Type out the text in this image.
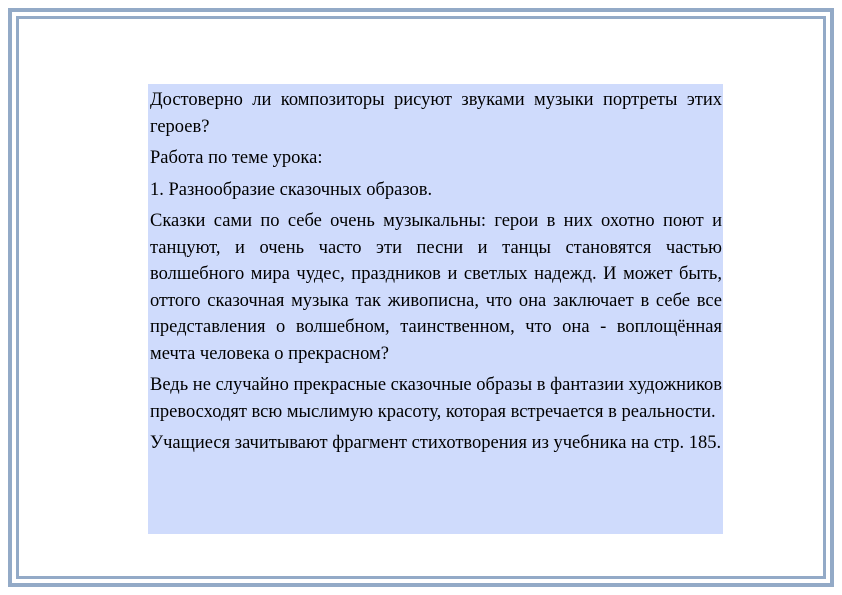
Достоверно ли композиторы рисуют звуками музыки портреты этих героев?

Работа по теме урока:

1. Разнообразие сказочных образов.

Сказки сами по себе очень музыкальны: герои в них охотно поют и танцуют, и очень часто эти песни и танцы становятся частью волшебного мира чудес, праздников и светлых надежд. И может быть, оттого сказочная музыка так живописна, что она заключает в себе все представления о волшебном, таинственном, что она - воплощённая мечта человека о прекрасном?

Ведь не случайно прекрасные сказочные образы в фантазии художников превосходят всю мыслимую красоту, которая встречается в реальности.

Учащиеся зачитывают фрагмент стихотворения из учебника на стр. 185.
